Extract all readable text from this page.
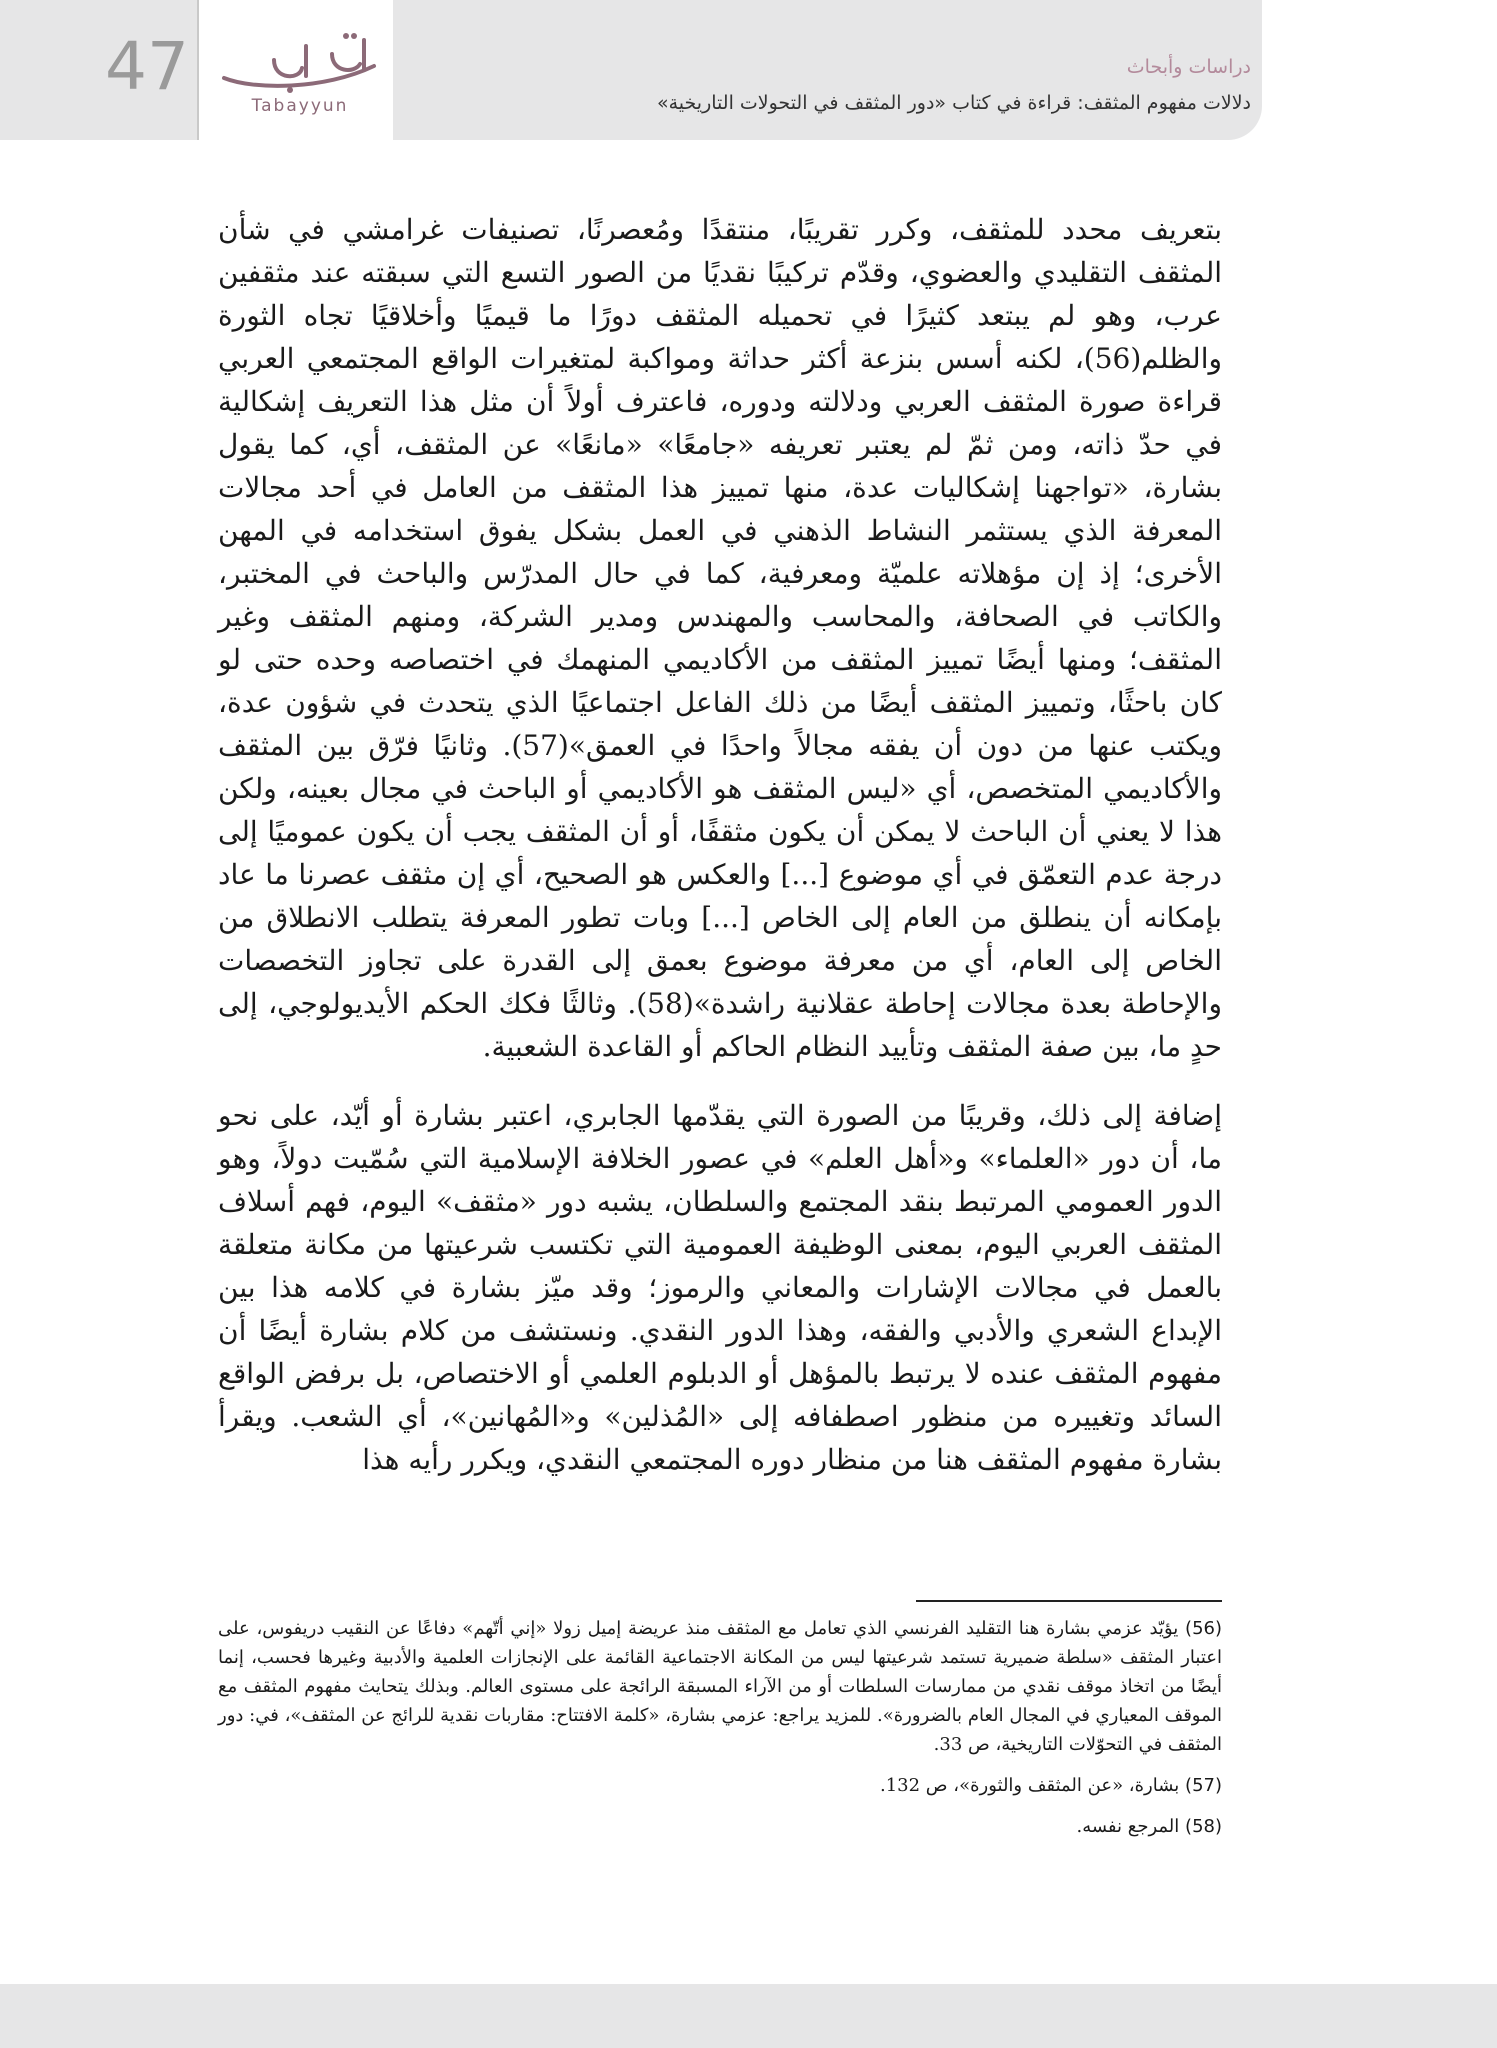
47
Tabayyun
دراسات وأبحاث
دلالات مفهوم المثقف: قراءة في كتاب «دور المثقف في التحولات التاريخية»

بتعريف محدد للمثقف، وكرر تقريبًا، منتقدًا ومُعصرنًا، تصنيفات غرامشي في شأن المثقف التقليدي والعضوي، وقدّم تركيبًا نقديًا من الصور التسع التي سبقته عند مثقفين عرب، وهو لم يبتعد كثيرًا في تحميله المثقف دورًا ما قيميًا وأخلاقيًا تجاه الثورة والظلم(56)، لكنه أسس بنزعة أكثر حداثة ومواكبة لمتغيرات الواقع المجتمعي العربي قراءة صورة المثقف العربي ودلالته ودوره، فاعترف أولاً أن مثل هذا التعريف إشكالية في حدّ ذاته، ومن ثمّ لم يعتبر تعريفه «جامعًا» «مانعًا» عن المثقف، أي، كما يقول بشارة، «تواجهنا إشكاليات عدة، منها تمييز هذا المثقف من العامل في أحد مجالات المعرفة الذي يستثمر النشاط الذهني في العمل بشكل يفوق استخدامه في المهن الأخرى؛ إذ إن مؤهلاته علميّة ومعرفية، كما في حال المدرّس والباحث في المختبر، والكاتب في الصحافة، والمحاسب والمهندس ومدير الشركة، ومنهم المثقف وغير المثقف؛ ومنها أيضًا تمييز المثقف من الأكاديمي المنهمك في اختصاصه وحده حتى لو كان باحثًا، وتمييز المثقف أيضًا من ذلك الفاعل اجتماعيًا الذي يتحدث في شؤون عدة، ويكتب عنها من دون أن يفقه مجالاً واحدًا في العمق»(57). وثانيًا فرّق بين المثقف والأكاديمي المتخصص، أي «ليس المثقف هو الأكاديمي أو الباحث في مجال بعينه، ولكن هذا لا يعني أن الباحث لا يمكن أن يكون مثقفًا، أو أن المثقف يجب أن يكون عموميًا إلى درجة عدم التعمّق في أي موضوع [...] والعكس هو الصحيح، أي إن مثقف عصرنا ما عاد بإمكانه أن ينطلق من العام إلى الخاص [...] وبات تطور المعرفة يتطلب الانطلاق من الخاص إلى العام، أي من معرفة موضوع بعمق إلى القدرة على تجاوز التخصصات والإحاطة بعدة مجالات إحاطة عقلانية راشدة»(58). وثالثًا فكك الحكم الأيديولوجي، إلى حدٍ ما، بين صفة المثقف وتأييد النظام الحاكم أو القاعدة الشعبية.

إضافة إلى ذلك، وقريبًا من الصورة التي يقدّمها الجابري، اعتبر بشارة أو أيّد، على نحو ما، أن دور «العلماء» و«أهل العلم» في عصور الخلافة الإسلامية التي سُمّيت دولاً، وهو الدور العمومي المرتبط بنقد المجتمع والسلطان، يشبه دور «مثقف» اليوم، فهم أسلاف المثقف العربي اليوم، بمعنى الوظيفة العمومية التي تكتسب شرعيتها من مكانة متعلقة بالعمل في مجالات الإشارات والمعاني والرموز؛ وقد ميّز بشارة في كلامه هذا بين الإبداع الشعري والأدبي والفقه، وهذا الدور النقدي. ونستشف من كلام بشارة أيضًا أن مفهوم المثقف عنده لا يرتبط بالمؤهل أو الدبلوم العلمي أو الاختصاص، بل برفض الواقع السائد وتغييره من منظور اصطفافه إلى «المُذلين» و«المُهانين»، أي الشعب. ويقرأ بشارة مفهوم المثقف هنا من منظار دوره المجتمعي النقدي، ويكرر رأيه هذا

(56) يؤيّد عزمي بشارة هنا التقليد الفرنسي الذي تعامل مع المثقف منذ عريضة إميل زولا «إني أتّهم» دفاعًا عن النقيب دريفوس، على اعتبار المثقف «سلطة ضميرية تستمد شرعيتها ليس من المكانة الاجتماعية القائمة على الإنجازات العلمية والأدبية وغيرها فحسب، إنما أيضًا من اتخاذ موقف نقدي من ممارسات السلطات أو من الآراء المسبقة الرائجة على مستوى العالم. وبذلك يتحايث مفهوم المثقف مع الموقف المعياري في المجال العام بالضرورة». للمزيد يراجع: عزمي بشارة، «كلمة الافتتاح: مقاربات نقدية للرائج عن المثقف»، في: دور المثقف في التحوّلات التاريخية، ص 33.

(57) بشارة، «عن المثقف والثورة»، ص 132.

(58) المرجع نفسه.
